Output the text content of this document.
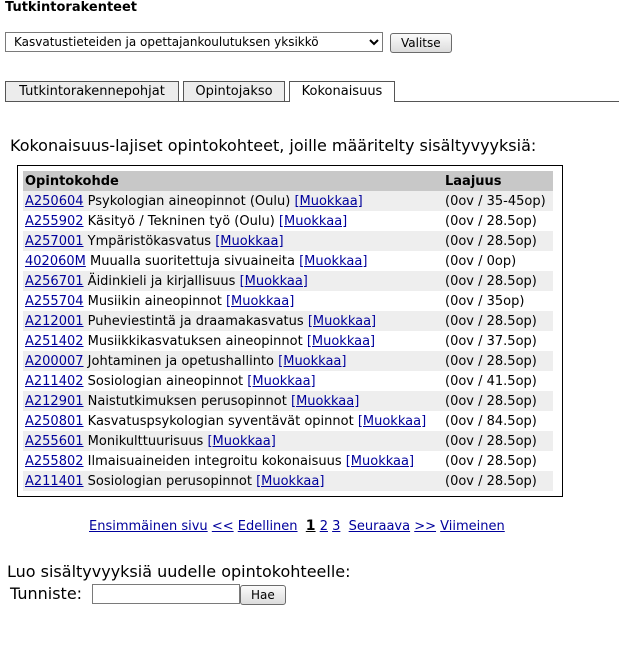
Tutkintorakenteet
Kasvatustieteiden ja opettajankoulutuksen yksikkö
Valitse
Tutkintorakennepohjat	Opintojakso	Kokonaisuus
Kokonaisuus-lajiset opintokohteet, joille määritelty sisältyvyyksiä:
Opintokohde	Laajuus
A250604 Psykologian aineopinnot (Oulu) [Muokkaa]	(0ov / 35-45op)
A255902 Käsityö / Tekninen työ (Oulu) [Muokkaa]	(0ov / 28.5op)
A257001 Ympäristökasvatus [Muokkaa]	(0ov / 28.5op)
402060M Muualla suoritettuja sivuaineita [Muokkaa]	(0ov / 0op)
A256701 Äidinkieli ja kirjallisuus [Muokkaa]	(0ov / 28.5op)
A255704 Musiikin aineopinnot [Muokkaa]	(0ov / 35op)
A212001 Puheviestintä ja draamakasvatus [Muokkaa]	(0ov / 28.5op)
A251402 Musiikkikasvatuksen aineopinnot [Muokkaa]	(0ov / 37.5op)
A200007 Johtaminen ja opetushallinto [Muokkaa]	(0ov / 28.5op)
A211402 Sosiologian aineopinnot [Muokkaa]	(0ov / 41.5op)
A212901 Naistutkimuksen perusopinnot [Muokkaa]	(0ov / 28.5op)
A250801 Kasvatuspsykologian syventävät opinnot [Muokkaa]	(0ov / 84.5op)
A255601 Monikulttuurisuus [Muokkaa]	(0ov / 28.5op)
A255802 Ilmaisuaineiden integroitu kokonaisuus [Muokkaa]	(0ov / 28.5op)
A211401 Sosiologian perusopinnot [Muokkaa]	(0ov / 28.5op)
Ensimmäinen sivu << Edellinen 1 2 3 Seuraava >> Viimeinen
Luo sisältyvyyksiä uudelle opintokohteelle:
Tunniste:	Hae
